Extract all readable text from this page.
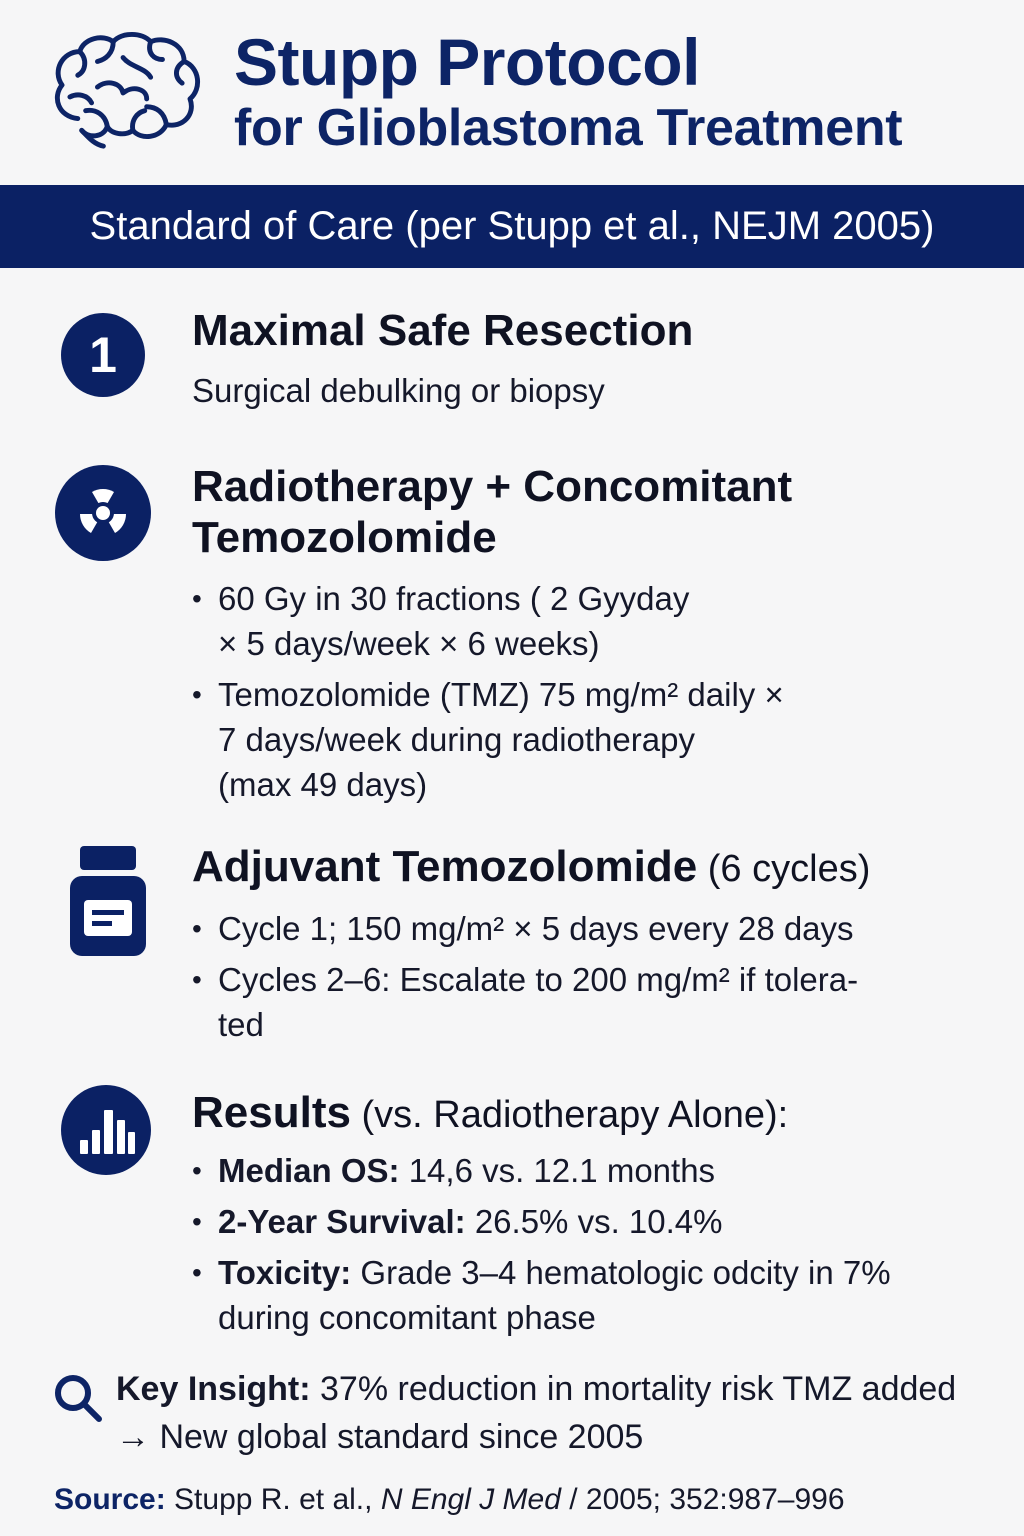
Stupp Protocol
for Glioblastoma Treatment
Standard of Care (per Stupp et al., NEJM 2005)
1 Maximal Safe Resection
Surgical debulking or biopsy
Radiotherapy + Concomitant
Temozolomide
• 60 Gy in 30 fractions ( 2 Gyyday
× 5 days/week × 6 weeks)
• Temozolomide (TMZ) 75 mg/m² daily ×
7 days/week during radiotherapy
(max 49 days)
Adjuvant Temozolomide (6 cycles)
• Cycle 1; 150 mg/m² × 5 days every 28 days
• Cycles 2–6: Escalate to 200 mg/m² if tolera-
ted
Results (vs. Radiotherapy Alone):
• Median OS: 14,6 vs. 12.1 months
• 2-Year Survival: 26.5% vs. 10.4%
• Toxicity: Grade 3–4 hematologic odcity in 7%
during concomitant phase
Key Insight: 37% reduction in mortality risk TMZ added
→ New global standard since 2005
Source: Stupp R. et al., N Engl J Med / 2005; 352:987–996
